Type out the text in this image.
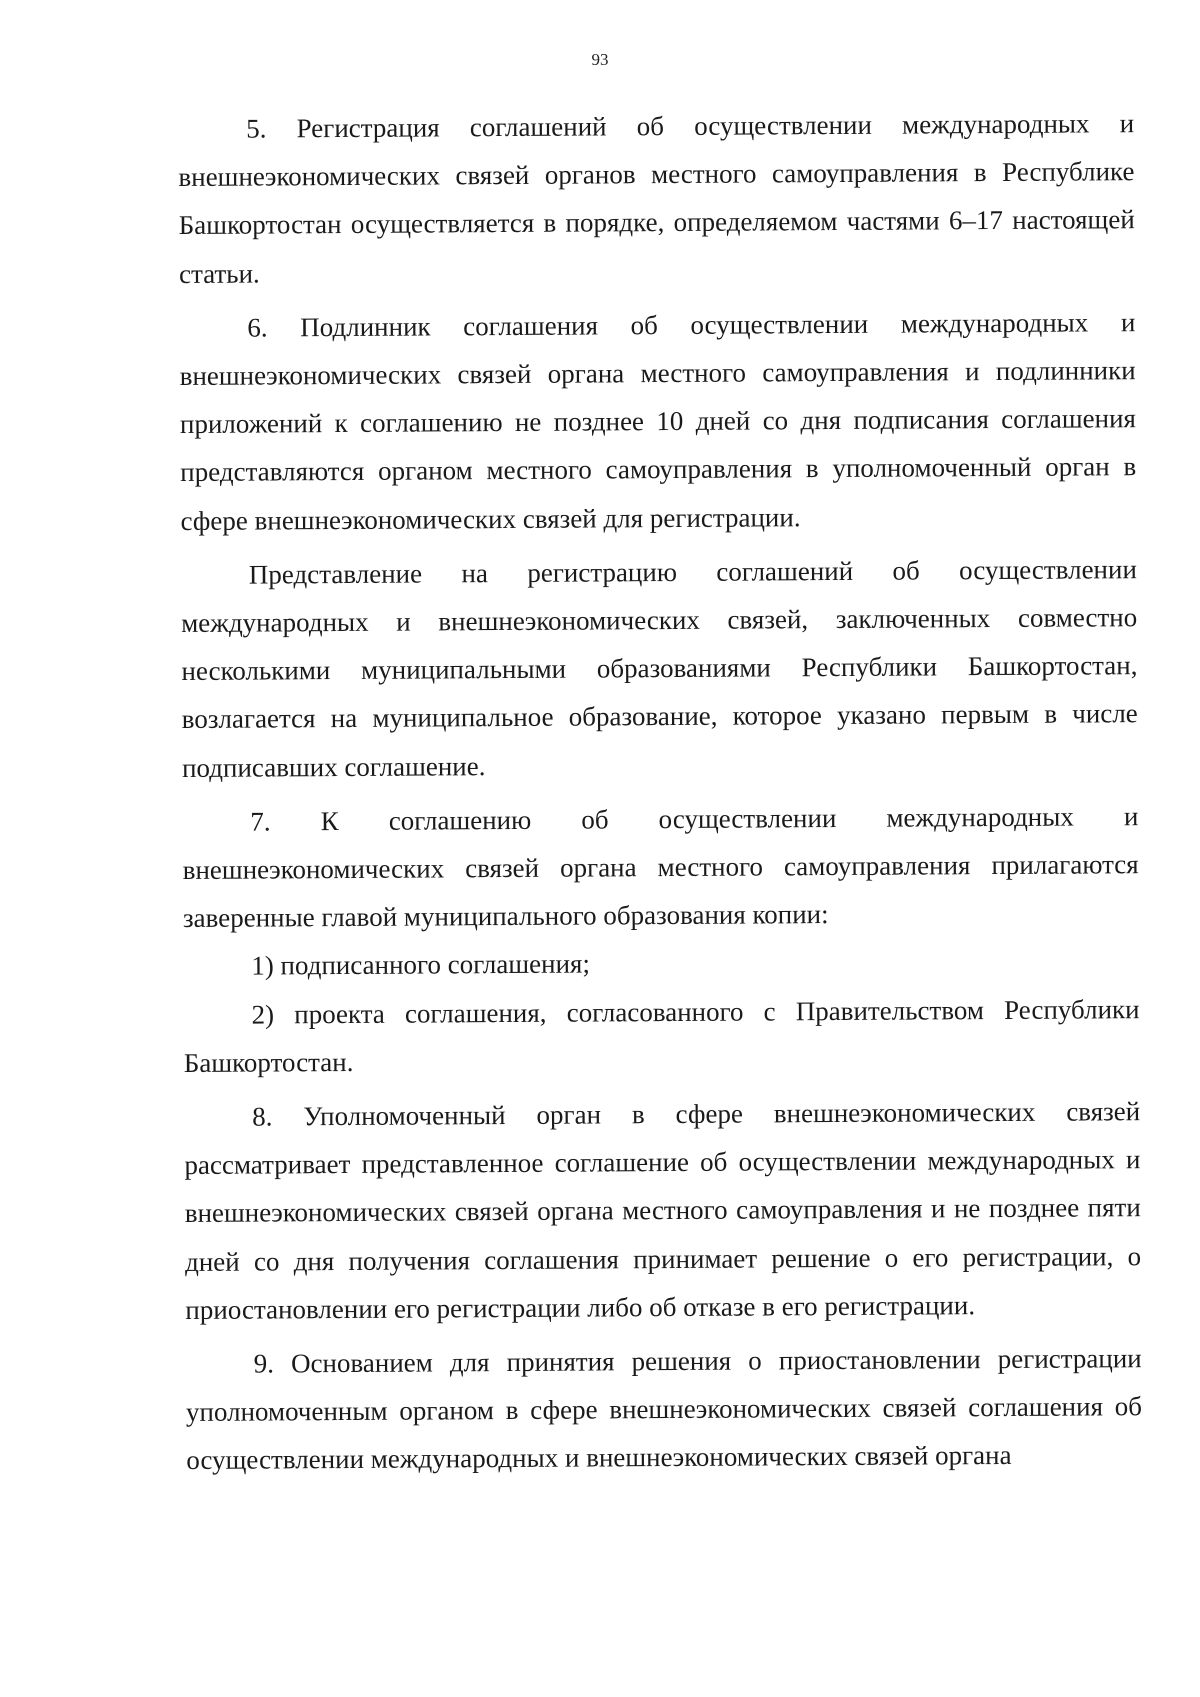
93

5. Регистрация соглашений об осуществлении международных и внешнеэкономических связей органов местного самоуправления в Республике Башкортостан осуществляется в порядке, определяемом частями 6–17 настоящей статьи.

6. Подлинник соглашения об осуществлении международных и внешнеэкономических связей органа местного самоуправления и подлинники приложений к соглашению не позднее 10 дней со дня подписания соглашения представляются органом местного самоуправления в уполномоченный орган в сфере внешнеэкономических связей для регистрации.

Представление на регистрацию соглашений об осуществлении международных и внешнеэкономических связей, заключенных совместно несколькими муниципальными образованиями Республики Башкортостан, возлагается на муниципальное образование, которое указано первым в числе подписавших соглашение.

7. К соглашению об осуществлении международных и внешнеэкономических связей органа местного самоуправления прилагаются заверенные главой муниципального образования копии:

1) подписанного соглашения;

2) проекта соглашения, согласованного с Правительством Республики Башкортостан.

8. Уполномоченный орган в сфере внешнеэкономических связей рассматривает представленное соглашение об осуществлении международных и внешнеэкономических связей органа местного самоуправления и не позднее пяти дней со дня получения соглашения принимает решение о его регистрации, о приостановлении его регистрации либо об отказе в его регистрации.

9. Основанием для принятия решения о приостановлении регистрации уполномоченным органом в сфере внешнеэкономических связей соглашения об осуществлении международных и внешнеэкономических связей органа
